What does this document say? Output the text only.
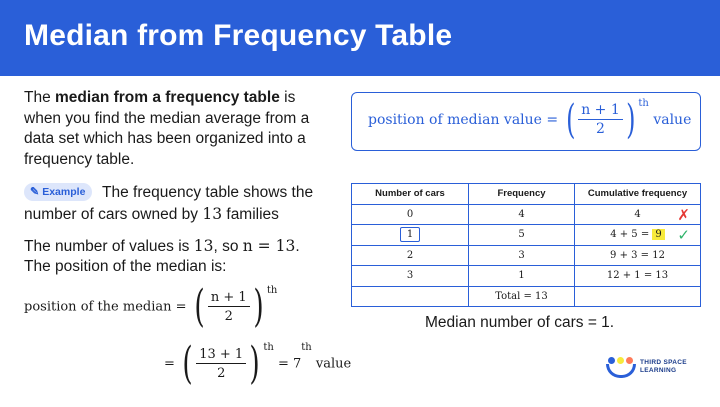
Median from Frequency Table

The median from a frequency table is when you find the median average from a data set which has been organized into a frequency table.

✎ Example	The frequency table shows the
number of cars owned by 13 families
The number of values is 13, so n = 13.
The position of the median is:
position of the median = ( $\frac{n + 1}{2}$ ) $^{th}$
= ( $\frac{13 + 1}{2}$ ) $^{th}$ = 7th value
position of median value = ( $\frac{n + 1}{2}$ ) $^{th}$ value
Number of cars	Frequency	Cumulative frequency
0	4	4 ✗

1	5	4 + 5 = 9 ✓

2	3	9 + 3 = 12
3	1	12 + 1 = 13
	Total = 13	
Median number of cars = 1.
THIRD SPACE
LEARNING
